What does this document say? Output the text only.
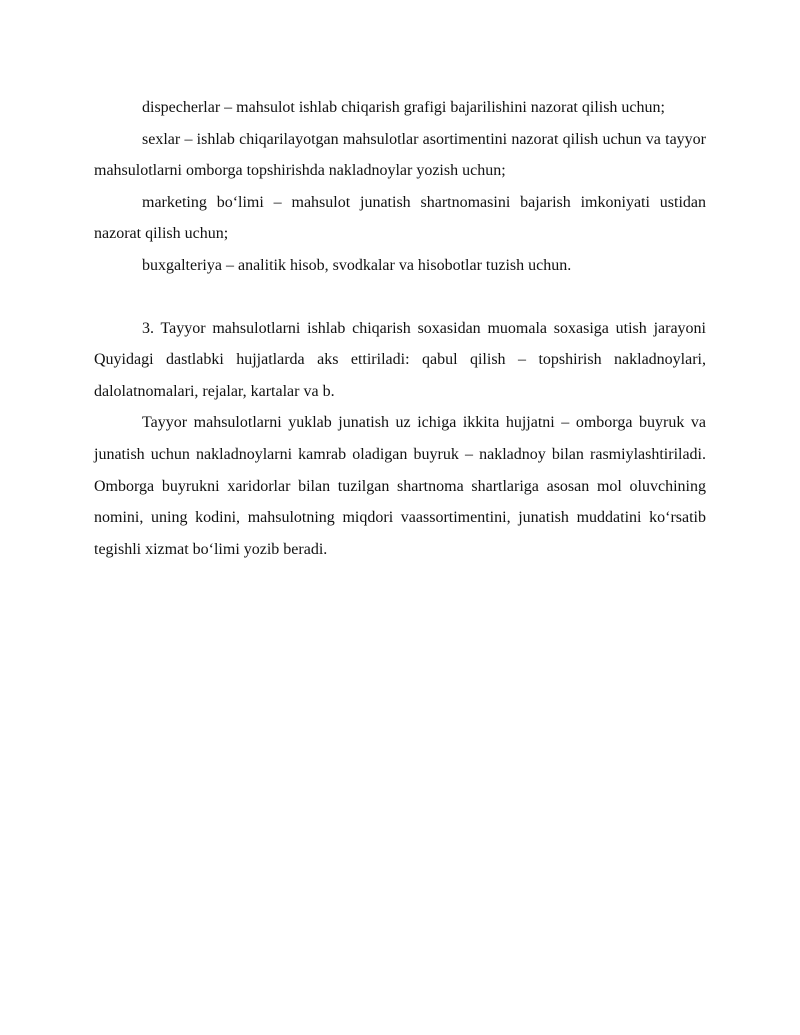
dispecherlar – mahsulot ishlab chiqarish grafigi bajarilishini nazorat qilish uchun;

sexlar – ishlab chiqarilayotgan mahsulotlar asortimentini nazorat qilish uchun va tayyor mahsulotlarni omborga topshirishda nakladnoylar yozish uchun;

marketing bo‘limi – mahsulot junatish shartnomasini bajarish imkoniyati ustidan nazorat qilish uchun;

buxgalteriya – analitik hisob, svodkalar va hisobotlar tuzish uchun.

3. Tayyor mahsulotlarni ishlab chiqarish soxasidan muomala soxasiga utish jarayoni Quyidagi dastlabki hujjatlarda aks ettiriladi: qabul qilish – topshirish nakladnoylari, dalolatnomalari, rejalar, kartalar va b.

Tayyor mahsulotlarni yuklab junatish uz ichiga ikkita hujjatni – omborga buyruk va junatish uchun nakladnoylarni kamrab oladigan buyruk – nakladnoy bilan rasmiylashtiriladi. Omborga buyrukni xaridorlar bilan tuzilgan shartnoma shartlariga asosan mol oluvchining nomini, uning kodini, mahsulotning miqdori vaassortimentini, junatish muddatini ko‘rsatib tegishli xizmat bo‘limi yozib beradi.
